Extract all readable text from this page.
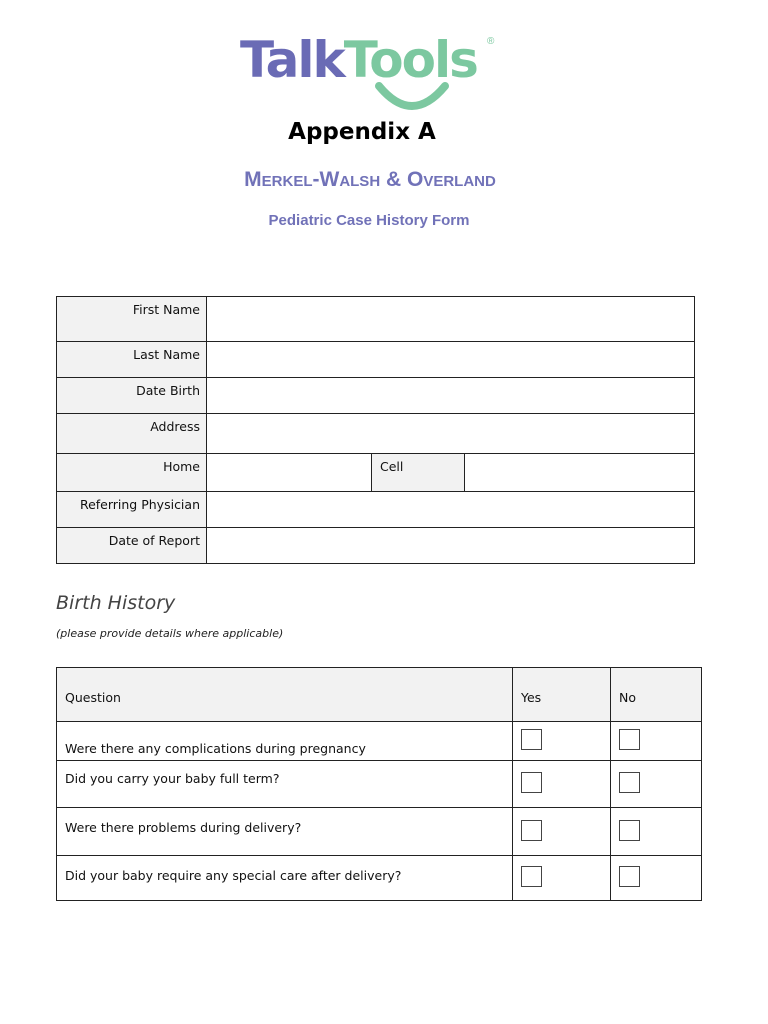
TalkTools ®
Appendix A
Merkel-Walsh & Overland
Pediatric Case History Form
First Name			
Last Name			
Date Birth			
Address			
Home		Cell	
Referring Physician			
Date of Report			
Birth History
(please provide details where applicable)
Question	Yes	No
Were there any complications during pregnancy		
Did you carry your baby full term?		
Were there problems during delivery?		
Did your baby require any special care after delivery?		
